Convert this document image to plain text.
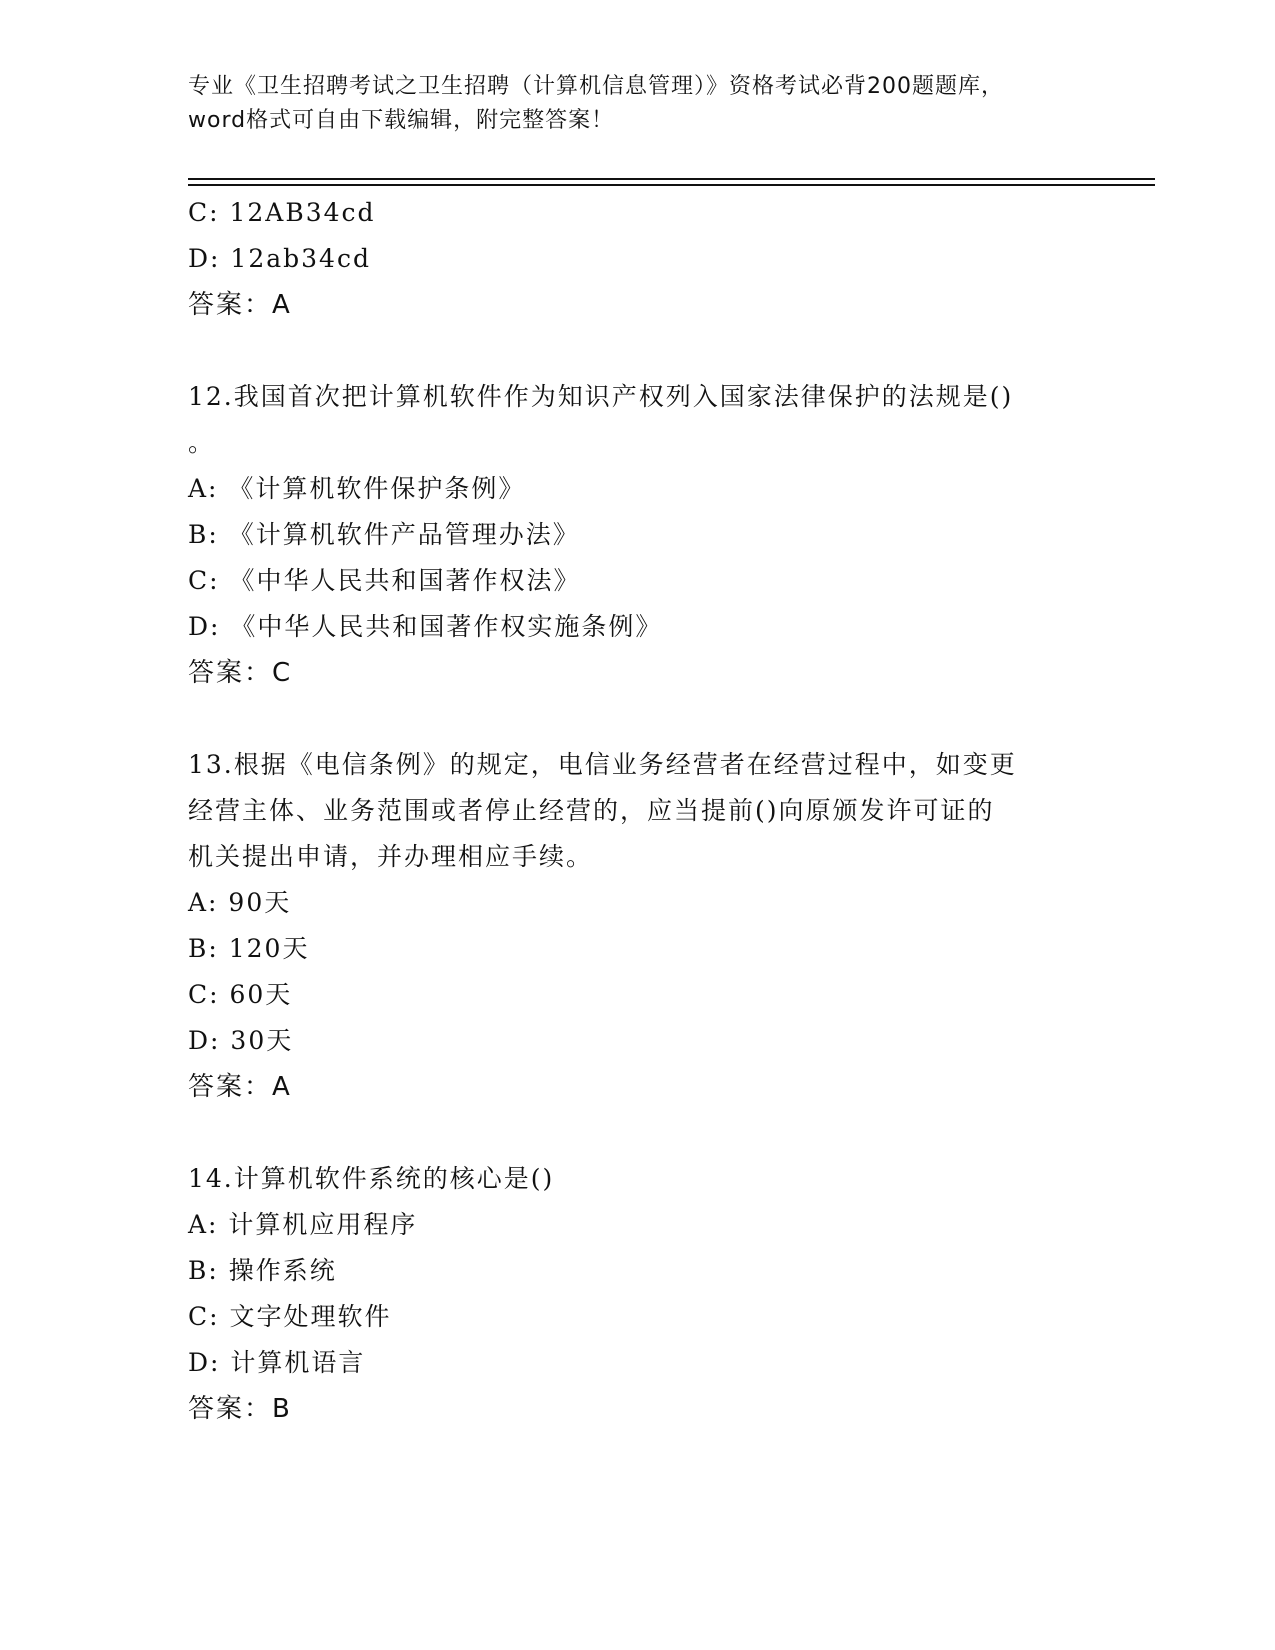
专业《卫生招聘考试之卫生招聘（计算机信息管理）》资格考试必背200题题库，
word格式可自由下载编辑，附完整答案！
C: 12AB34cd
D: 12ab34cd
答案：A
12.我国首次把计算机软件作为知识产权列入国家法律保护的法规是()
。
A: 《计算机软件保护条例》
B: 《计算机软件产品管理办法》
C: 《中华人民共和国著作权法》
D: 《中华人民共和国著作权实施条例》
答案：C
13.根据《电信条例》的规定，电信业务经营者在经营过程中，如变更
经营主体、业务范围或者停止经营的，应当提前()向原颁发许可证的
机关提出申请，并办理相应手续。
A: 90天
B: 120天
C: 60天
D: 30天
答案：A
14.计算机软件系统的核心是()
A: 计算机应用程序
B: 操作系统
C: 文字处理软件
D: 计算机语言
答案：B
